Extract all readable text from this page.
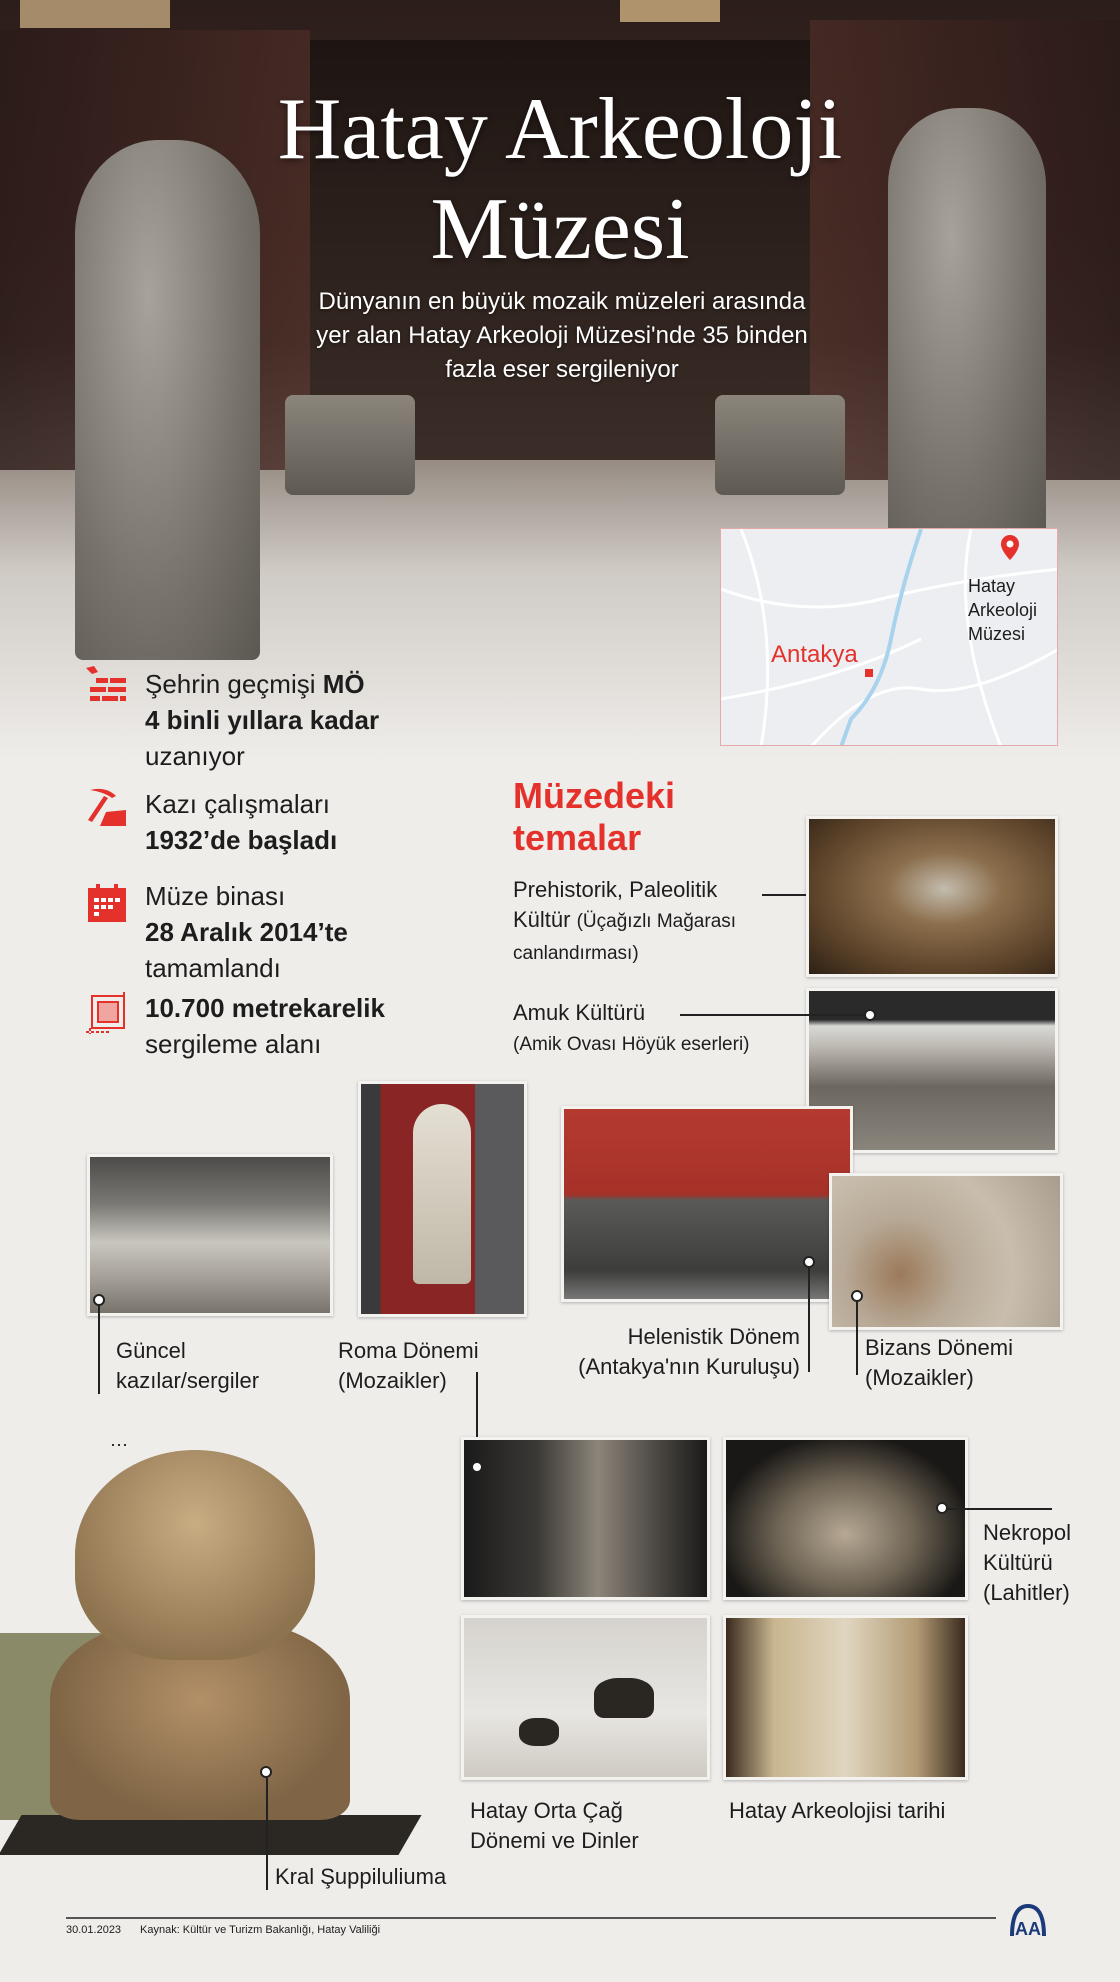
Hatay Arkeoloji
Müzesi
Dünyanın en büyük mozaik müzeleri arasında yer alan Hatay Arkeoloji Müzesi'nde 35 binden fazla eser sergileniyor
Antakya
Hatay
Arkeoloji
Müzesi
Şehrin geçmişi MÖ
4 binli yıllara kadar
uzanıyor
Kazı çalışmaları
1932’de başladı
Müze binası
28 Aralık 2014’te
tamamlandı
10.700 metrekarelik
sergileme alanı
Müzedeki
temalar
Prehistorik, Paleolitik
Kültür (Üçağızlı Mağarası
canlandırması)
Amuk Kültürü
(Amik Ovası Höyük eserleri)
Güncel
kazılar/sergiler
Roma Dönemi
(Mozaikler)
Helenistik Dönem
(Antakya'nın Kuruluşu)
Bizans Dönemi
(Mozaikler)
Nekropol
Kültürü
(Lahitler)
Hatay Orta Çağ
Dönemi ve Dinler
Hatay Arkeolojisi tarihi
⋯
Kral Şuppiluliuma
30.01.2023 Kaynak: Kültür ve Turizm Bakanlığı, Hatay Valiliği	AA
